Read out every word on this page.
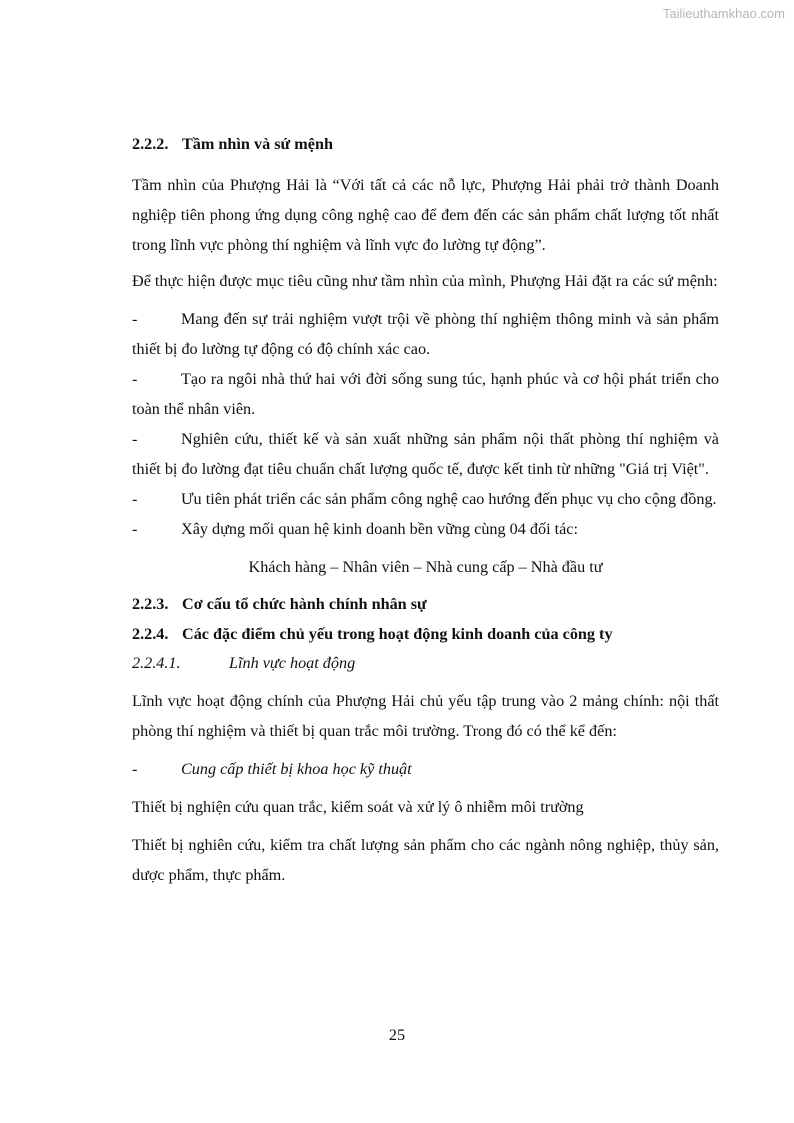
Tailieuthamkhao.com

2.2.2. Tầm nhìn và sứ mệnh

Tầm nhìn của Phượng Hải là “Với tất cả các nỗ lực, Phượng Hải phải trở thành Doanh nghiệp tiên phong ứng dụng công nghệ cao để đem đến các sản phẩm chất lượng tốt nhất trong lĩnh vực phòng thí nghiệm và lĩnh vực đo lường tự động”.

Để thực hiện được mục tiêu cũng như tầm nhìn của mình, Phượng Hải đặt ra các sứ mệnh:

-	Mang đến sự trải nghiệm vượt trội về phòng thí nghiệm thông minh và sản phẩm thiết bị đo lường tự động có độ chính xác cao.

-	Tạo ra ngôi nhà thứ hai với đời sống sung túc, hạnh phúc và cơ hội phát triển cho toàn thể nhân viên.

-	Nghiên cứu, thiết kế và sản xuất những sản phẩm nội thất phòng thí nghiệm và thiết bị đo lường đạt tiêu chuẩn chất lượng quốc tế, được kết tinh từ những "Giá trị Việt".

-	Ưu tiên phát triển các sản phẩm công nghệ cao hướng đến phục vụ cho cộng đồng.

-	Xây dựng mối quan hệ kinh doanh bền vững cùng 04 đối tác:

Khách hàng – Nhân viên – Nhà cung cấp – Nhà đầu tư

2.2.3. Cơ cấu tổ chức hành chính nhân sự

2.2.4. Các đặc điểm chủ yếu trong hoạt động kinh doanh của công ty

2.2.4.1.	Lĩnh vực hoạt động

Lĩnh vực hoạt động chính của Phượng Hải chủ yếu tập trung vào 2 mảng chính: nội thất phòng thí nghiệm và thiết bị quan trắc môi trường. Trong đó có thể kể đến:

-	Cung cấp thiết bị khoa học kỹ thuật

Thiết bị nghiện cứu quan trắc, kiểm soát và xử lý ô nhiễm môi trường

Thiết bị nghiên cứu, kiểm tra chất lượng sản phẩm cho các ngành nông nghiệp, thủy sản, dược phẩm, thực phẩm.

25
